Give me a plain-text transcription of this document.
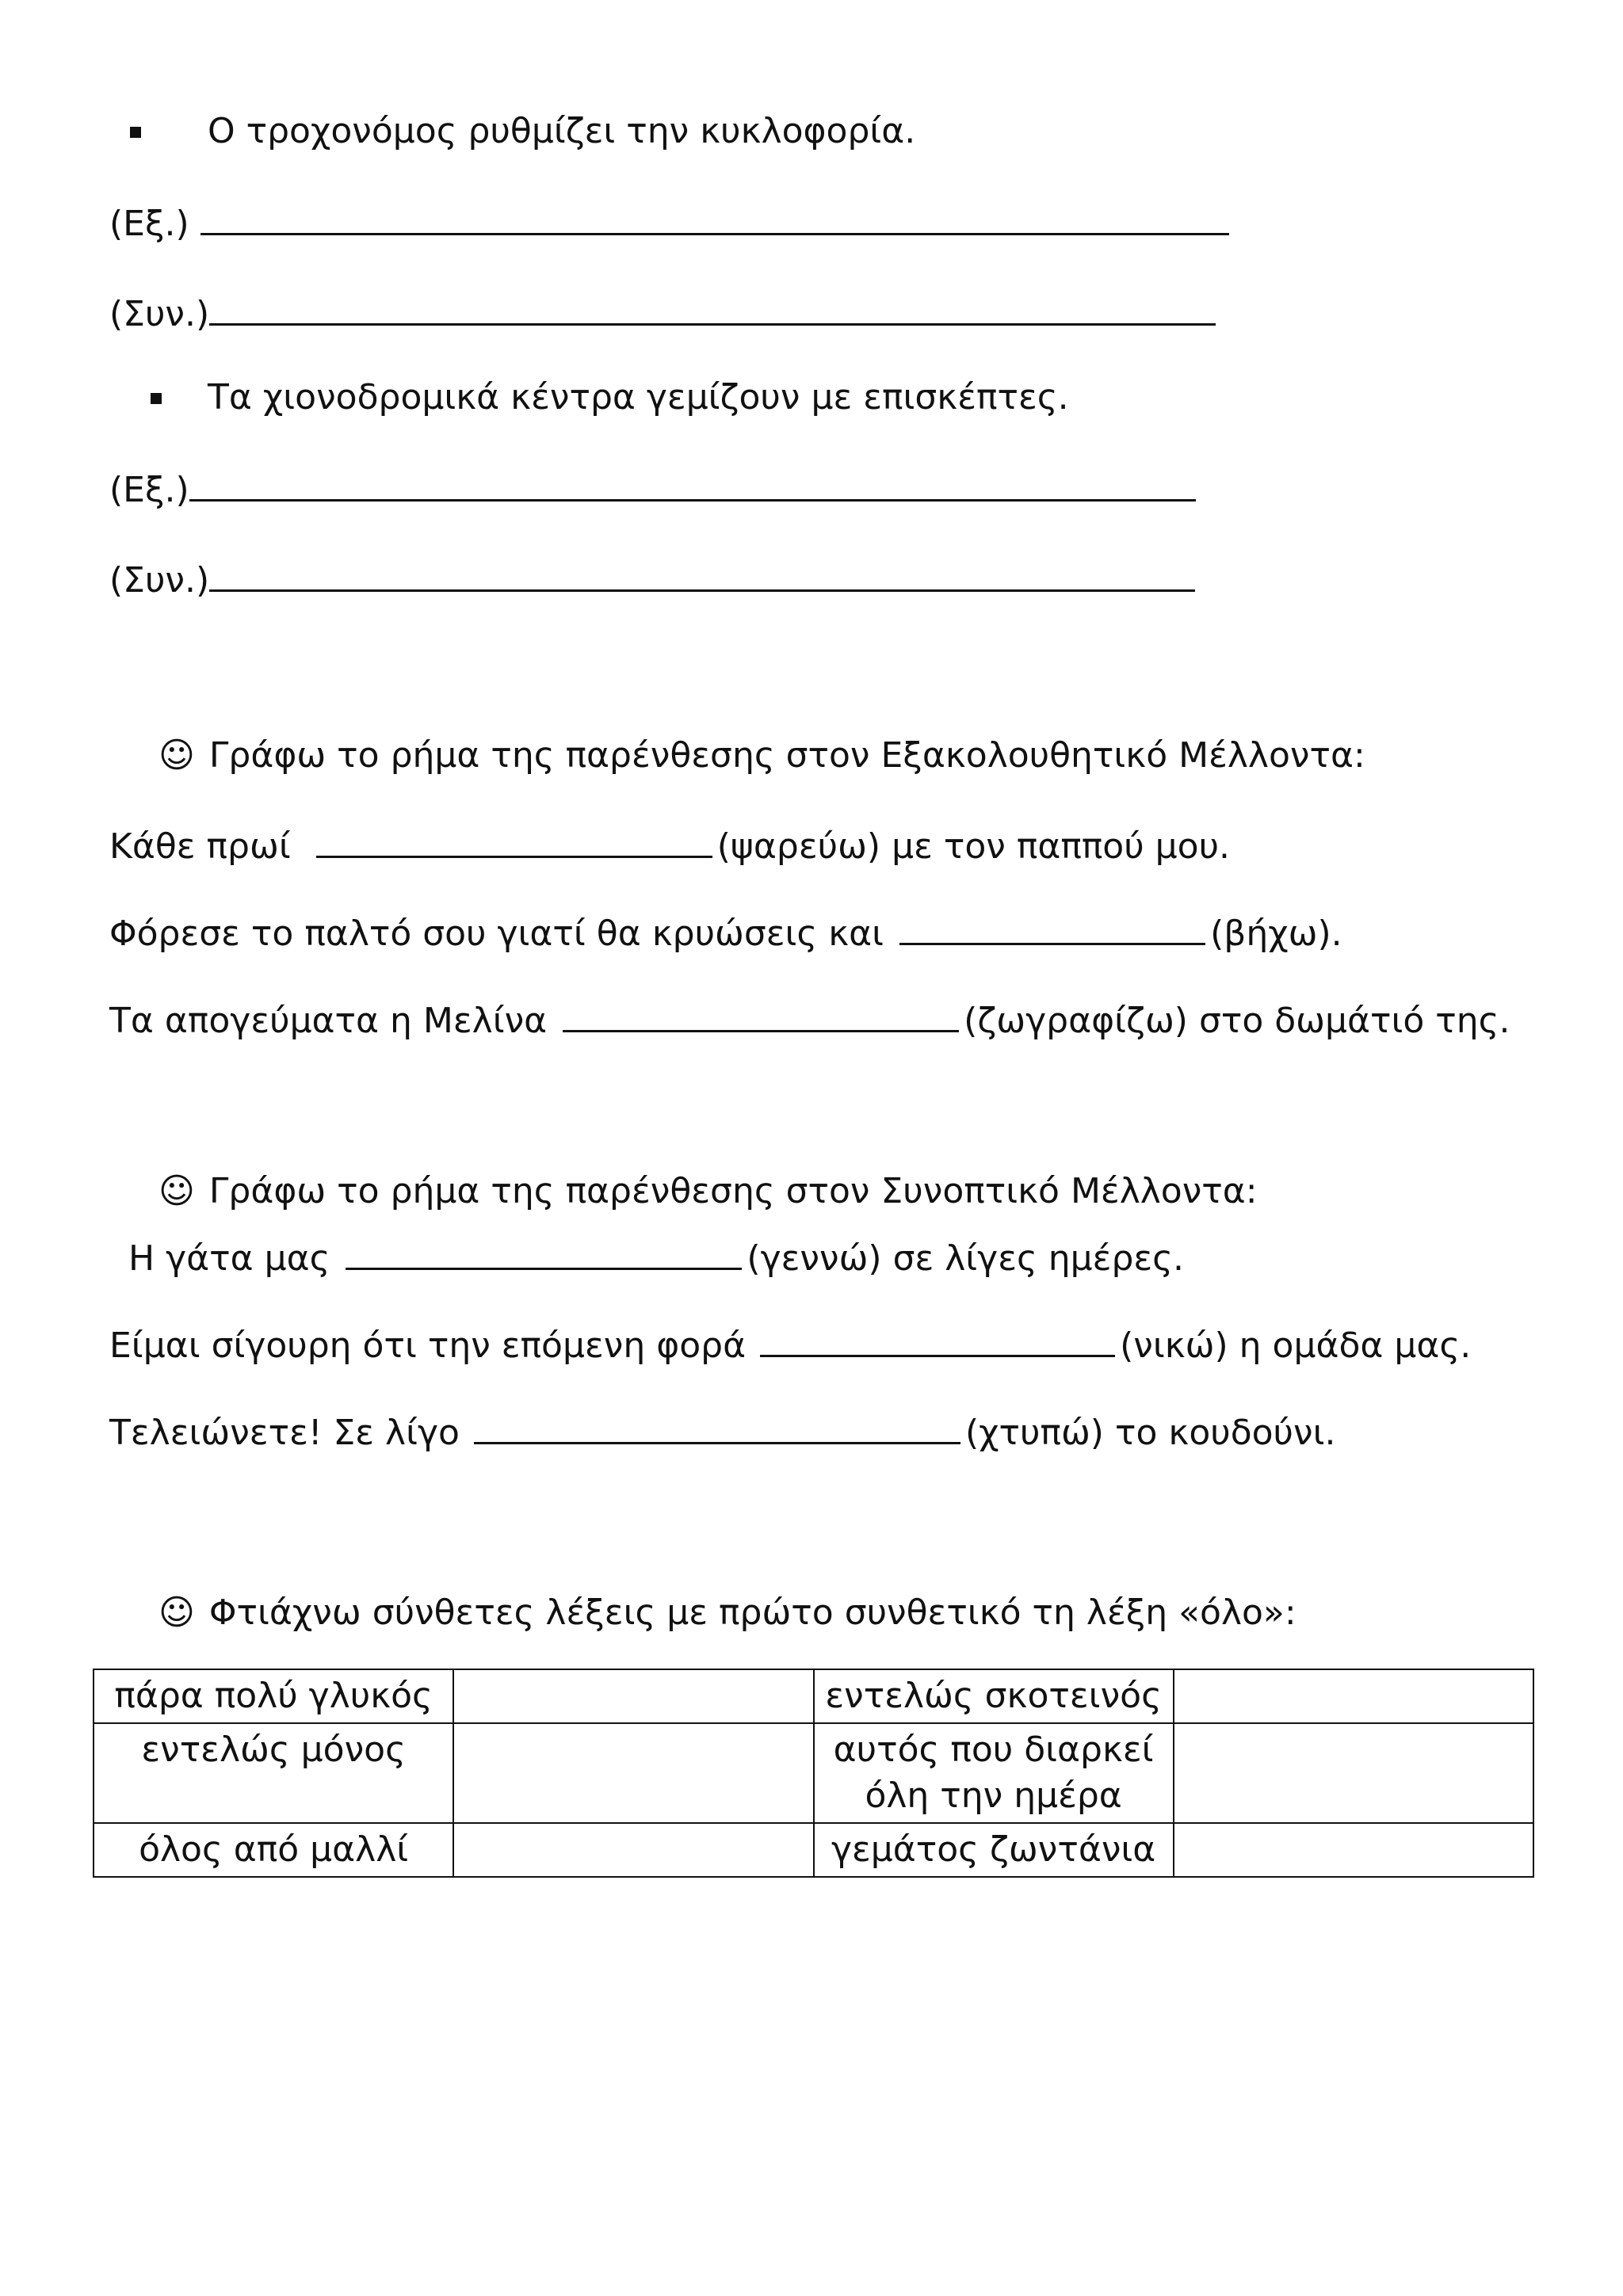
Ο τροχονόμος ρυθμίζει την κυκλοφορία.
(Εξ.)
(Συν.)
Τα χιονοδρομικά κέντρα γεμίζουν με επισκέπτες.
(Εξ.)
(Συν.)
☺ Γράφω το ρήμα της παρένθεσης στον Εξακολουθητικό Μέλλοντα:
Κάθε πρωί	(ψαρεύω) με τον παππού μου.
Φόρεσε το παλτό σου γιατί θα κρυώσεις και	(βήχω).
Τα απογεύματα η Μελίνα	(ζωγραφίζω) στο δωμάτιό της.
☺ Γράφω το ρήμα της παρένθεσης στον Συνοπτικό Μέλλοντα:
Η γάτα μας	(γεννώ) σε λίγες ημέρες.
Είμαι σίγουρη ότι την επόμενη φορά	(νικώ) η ομάδα μας.
Τελειώνετε! Σε λίγο	(χτυπώ) το κουδούνι.
☺ Φτιάχνω σύνθετες λέξεις με πρώτο συνθετικό τη λέξη «όλο»:
πάρα πολύ γλυκός		εντελώς σκοτεινός	
εντελώς μόνος		αυτός που διαρκεί
όλη την ημέρα	
όλος από μαλλί		γεμάτος ζωντάνια	
